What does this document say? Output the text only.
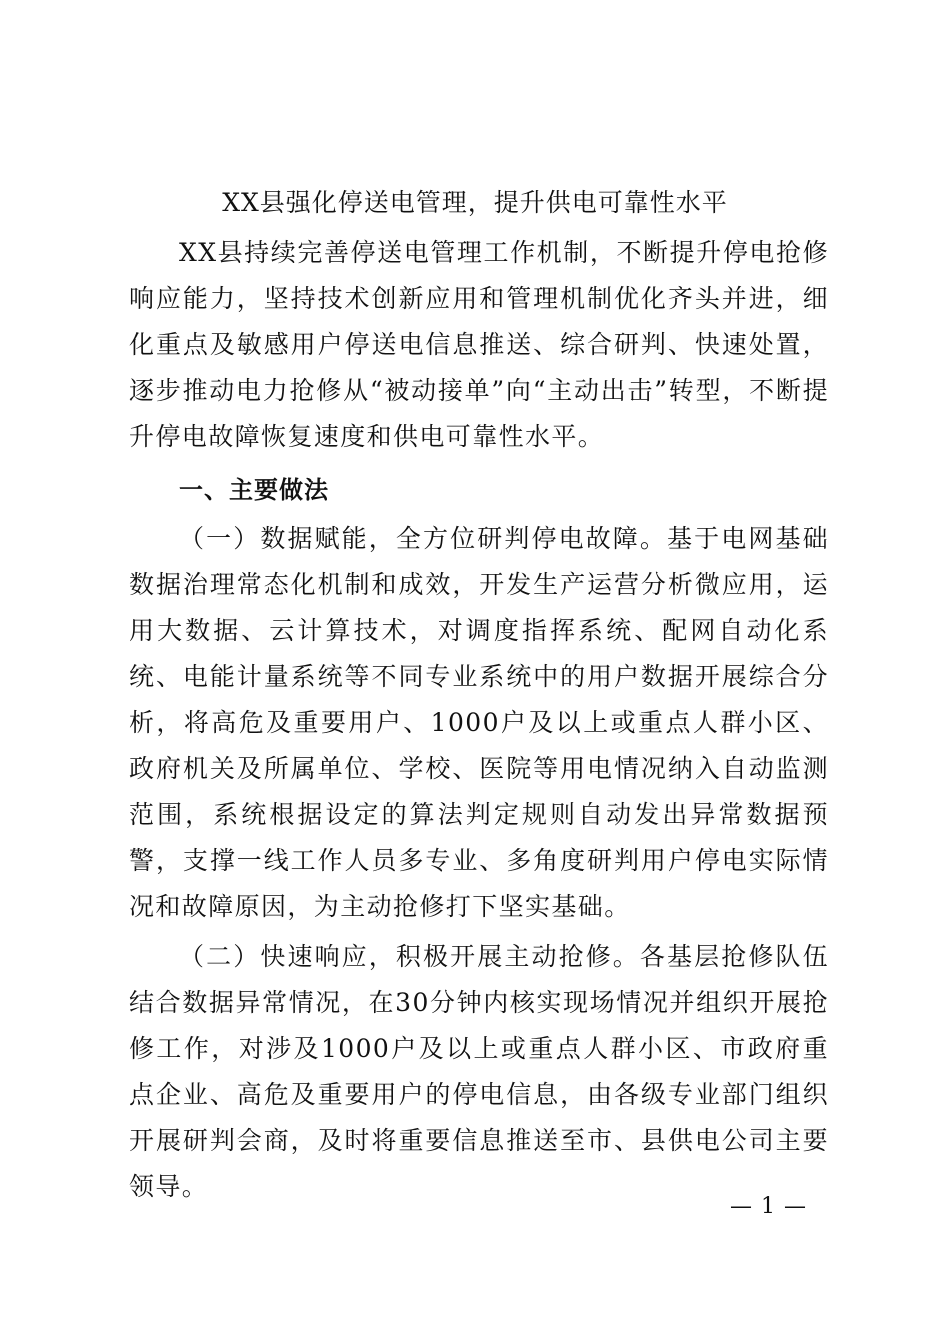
XX县强化停送电管理，提升供电可靠性水平

XX县持续完善停送电管理工作机制，不断提升停电抢修响应能力，坚持技术创新应用和管理机制优化齐头并进，细化重点及敏感用户停送电信息推送、综合研判、快速处置，逐步推动电力抢修从“被动接单”向“主动出击”转型，不断提升停电故障恢复速度和供电可靠性水平。

一、主要做法

（一）数据赋能，全方位研判停电故障。基于电网基础数据治理常态化机制和成效，开发生产运营分析微应用，运用大数据、云计算技术，对调度指挥系统、配网自动化系统、电能计量系统等不同专业系统中的用户数据开展综合分析，将高危及重要用户、1000户及以上或重点人群小区、政府机关及所属单位、学校、医院等用电情况纳入自动监测范围，系统根据设定的算法判定规则自动发出异常数据预警，支撑一线工作人员多专业、多角度研判用户停电实际情况和故障原因，为主动抢修打下坚实基础。

（二）快速响应，积极开展主动抢修。各基层抢修队伍结合数据异常情况，在30分钟内核实现场情况并组织开展抢修工作，对涉及1000户及以上或重点人群小区、市政府重点企业、高危及重要用户的停电信息，由各级专业部门组织开展研判会商，及时将重要信息推送至市、县供电公司主要领导。

— 1 —
